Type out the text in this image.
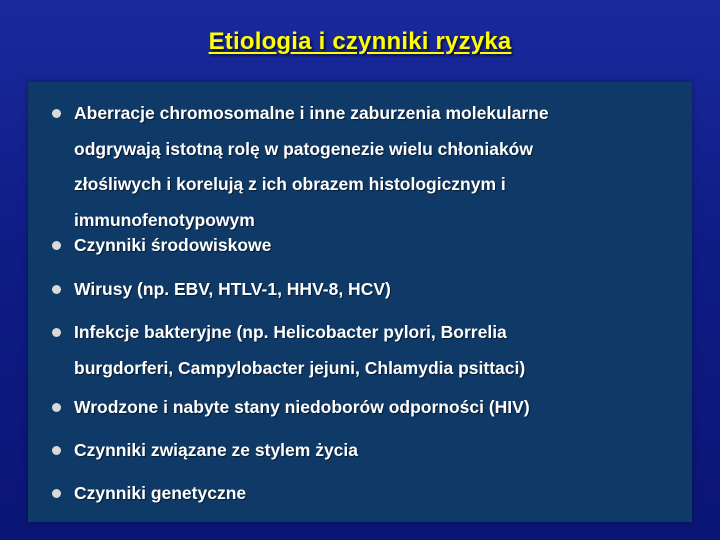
Etiologia i czynniki ryzyka
Aberracje chromosomalne i inne zaburzenia molekularne
odgrywają istotną rolę w patogenezie wielu chłoniaków
złośliwych i korelują z ich obrazem histologicznym i
immunofenotypowym
Czynniki środowiskowe
Wirusy (np. EBV, HTLV-1, HHV-8, HCV)
Infekcje bakteryjne (np. Helicobacter pylori, Borrelia
burgdorferi, Campylobacter jejuni, Chlamydia psittaci)
Wrodzone i nabyte stany niedoborów odporności (HIV)
Czynniki związane ze stylem życia
Czynniki genetyczne
